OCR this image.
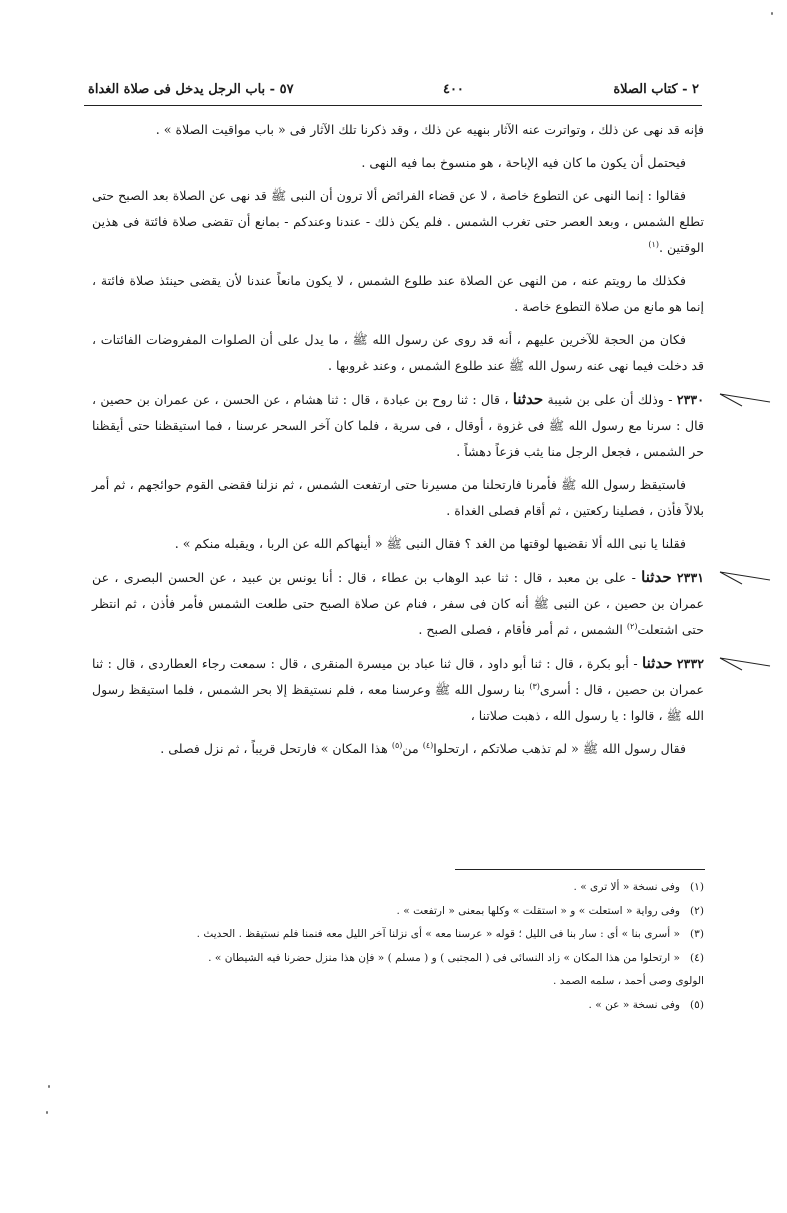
٢ - كتاب الصلاة
٤٠٠
٥٧ - باب الرجل يدخل فى صلاة الغداة

فإنه قد نهى عن ذلك ، وتواترت عنه الآثار بنهيه عن ذلك ، وقد ذكرنا تلك الآثار فى « باب مواقيت الصلاة » .

فيحتمل أن يكون ما كان فيه الإباحة ، هو منسوخ بما فيه النهى .

فقالوا : إنما النهى عن التطوع خاصة ، لا عن قضاء الفرائض ألا ترون أن النبى ﷺ قد نهى عن الصلاة بعد الصبح حتى تطلع الشمس ، وبعد العصر حتى تغرب الشمس . فلم يكن ذلك - عندنا وعندكم - بمانع أن تقضى صلاة فائتة فى هذين الوقتين .$^{(١)}$

فكذلك ما رويتم عنه ، من النهى عن الصلاة عند طلوع الشمس ، لا يكون مانعاً عندنا لأن يقضى حينئذ صلاة فائتة ، إنما هو مانع من صلاة التطوع خاصة .

فكان من الحجة للآخرين عليهم ، أنه قد روى عن رسول الله ﷺ ، ما يدل على أن الصلوات المفروضات الفائتات ، قد دخلت فيما نهى عنه رسول الله ﷺ عند طلوع الشمس ، وعند غروبها .

٢٣٣٠ - وذلك أن على بن شيبة حدثنا ، قال : ثنا روح بن عبادة ، قال : ثنا هشام ، عن الحسن ، عن عمران بن حصين ، قال : سرنا مع رسول الله ﷺ فى غزوة ، أوقال ، فى سرية ، فلما كان آخر السحر عرسنا ، فما استيقظنا حتى أيقظنا حر الشمس ، فجعل الرجل منا يثب فزعاً دهشاً .

فاستيقظ رسول الله ﷺ فأمرنا فارتحلنا من مسيرنا حتى ارتفعت الشمس ، ثم نزلنا فقضى القوم حوائجهم ، ثم أمر بلالاً فأذن ، فصلينا ركعتين ، ثم أقام فصلى الغداة .

فقلنا يا نبى الله ألا نقضيها لوقتها من الغد ؟ فقال النبى ﷺ « أينهاكم الله عن الربا ، ويقبله منكم » .

٢٣٣١ حدثنا - على بن معبد ، قال : ثنا عبد الوهاب بن عطاء ، قال : أنا يونس بن عبيد ، عن الحسن البصرى ، عن عمران بن حصين ، عن النبى ﷺ أنه كان فى سفر ، فنام عن صلاة الصبح حتى طلعت الشمس فأمر فأذن ، ثم انتظر حتى اشتعلت$^{(٢)}$ الشمس ، ثم أمر فأقام ، فصلى الصبح .

٢٣٣٢ حدثنا - أبو بكرة ، قال : ثنا أبو داود ، قال ثنا عباد بن ميسرة المنقرى ، قال : سمعت رجاء العطاردى ، قال : ثنا عمران بن حصين ، قال : أسرى$^{(٣)}$ بنا رسول الله ﷺ وعرسنا معه ، فلم نستيقظ إلا بحر الشمس ، فلما استيقظ رسول الله ﷺ ، قالوا : يا رسول الله ، ذهبت صلاتنا ،

فقال رسول الله ﷺ « لم تذهب صلاتكم ، ارتحلوا$^{(٤)}$ من$^{(٥)}$ هذا المكان » فارتحل قريباً ، ثم نزل فصلى .

(١)وفى نسخة « ألا ترى » .

(٢)وفى رواية « استعلت » و « استقلت » وكلها بمعنى « ارتفعت » .

(٣)« أسرى بنا » أى : سار بنا فى الليل ؛ قوله « عرسنا معه » أى نزلنا آخر الليل معه فنمنا فلم نستيقظ . الحديث .

(٤)« ارتحلوا من هذا المكان » زاد النسائى فى ( المجتبى ) و ( مسلم ) « فإن هذا منزل حضرنا فيه الشيطان » .

الولوى وصى أحمد ، سلمه الصمد .

(٥)وفى نسخة « عن » .
